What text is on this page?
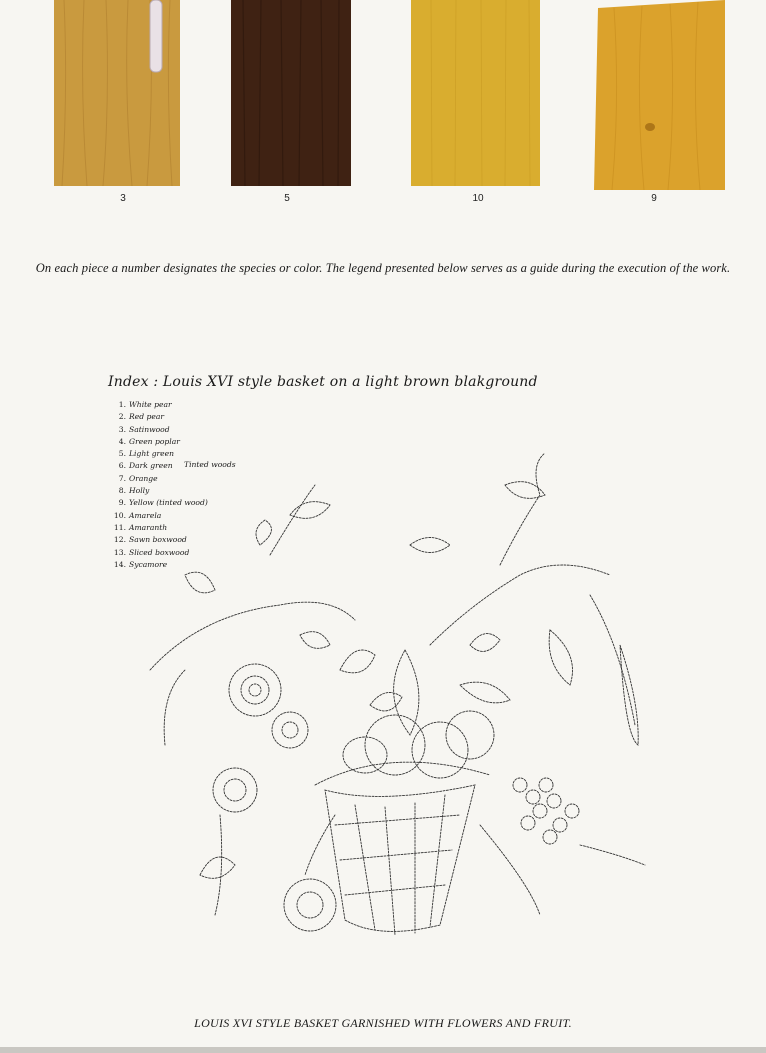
3	5	10	9
On each piece a number designates the species or color. The legend presented below serves as a guide during the execution of the work.
Index : Louis XVI style basket on a light brown blakground
1. White pear
2. Red pear
3. Satinwood
4. Green poplar
5. Light green
6. Dark green
7. Orange
8. Holly
9. Yellow (tinted wood)
10. Amarela
11. Amaranth
12. Sawn boxwood
13. Sliced boxwood
14. Sycamore
Tinted woods
LOUIS XVI STYLE BASKET GARNISHED WITH FLOWERS AND FRUIT.
